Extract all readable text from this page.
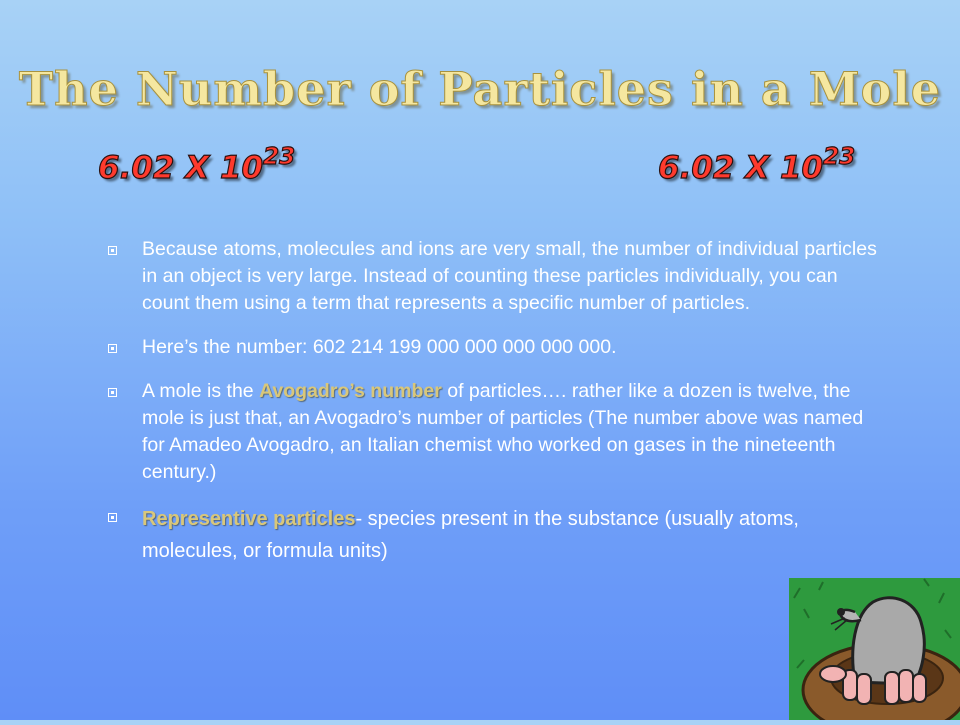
The Number of Particles in a Mole
6.02 X $10^{23}$	6.02 X $10^{23}$
Because atoms, molecules and ions are very small, the number of individual particles in an object is very large. Instead of counting these particles individually, you can count them using a term that represents a specific number of particles.
Here’s the number: 602 214 199 000 000 000 000 000.
A mole is the Avogadro’s number of particles…. rather like a dozen is twelve, the mole is just that, an Avogadro’s number of particles (The number above was named for Amadeo Avogadro, an Italian chemist who worked on gases in the nineteenth century.)
Representive particles- species present in the substance (usually atoms, molecules, or formula units)
